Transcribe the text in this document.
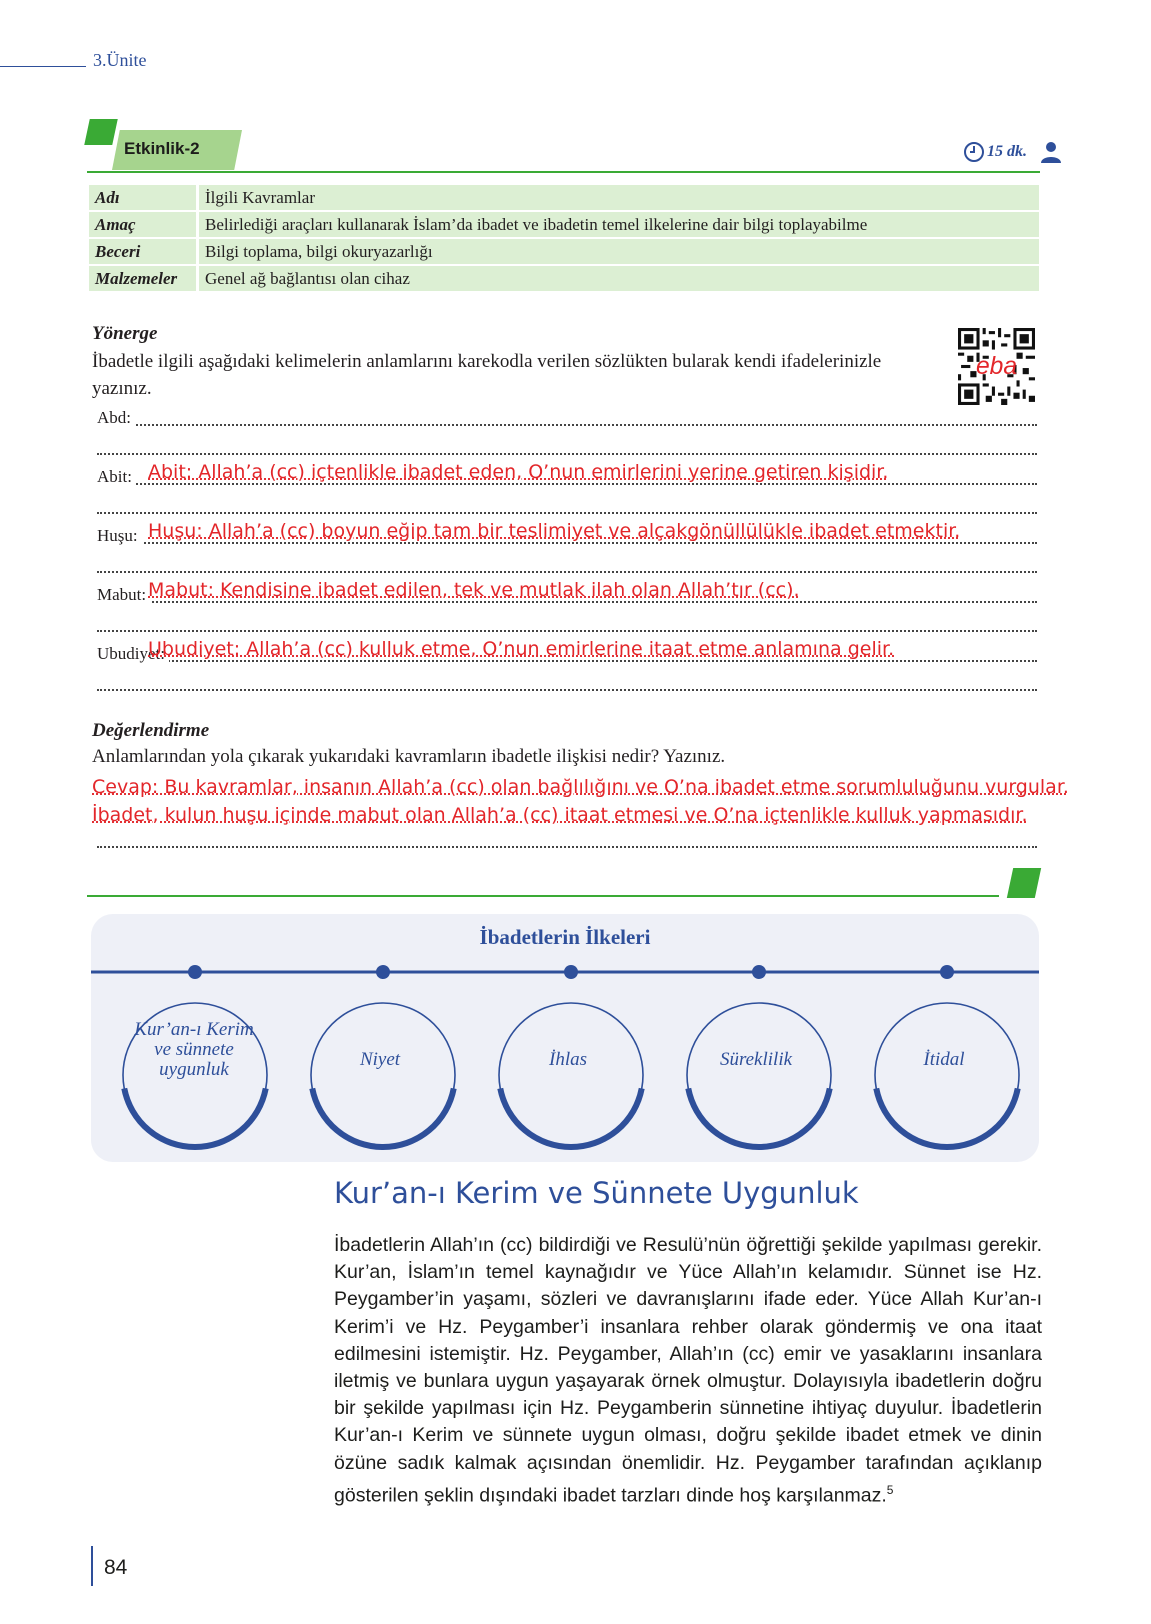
3.Ünite
Etkinlik-2	15 dk.
Adı	İlgili Kavramlar
Amaç	Belirlediği araçları kullanarak İslam’da ibadet ve ibadetin temel ilkelerine dair bilgi toplayabilme
Beceri	Bilgi toplama, bilgi okuryazarlığı
Malzemeler	Genel ağ bağlantısı olan cihaz
Yönerge
İbadetle ilgili aşağıdaki kelimelerin anlamlarını karekodla verilen sözlükten bularak kendi ifadelerinizle yazınız.
eba
Abd:
Abit: Abit: Allah’a (cc) içtenlikle ibadet eden, O’nun emirlerini yerine getiren kişidir.
Huşu: Huşu: Allah’a (cc) boyun eğip tam bir teslimiyet ve alçakgönüllülükle ibadet etmektir.
Mabut: Mabut: Kendisine ibadet edilen, tek ve mutlak ilah olan Allah’tır (cc).
Ubudiyet:
Ubudiyet: Allah’a (cc) kulluk etme, O’nun emirlerine itaat etme anlamına gelir.
Değerlendirme
Anlamlarından yola çıkarak yukarıdaki kavramların ibadetle ilişkisi nedir? Yazınız.
Cevap: Bu kavramlar, insanın Allah’a (cc) olan bağlılığını ve O’na ibadet etme sorumluluğunu vurgular.
İbadet, kulun huşu içinde mabut olan Allah’a (cc) itaat etmesi ve O’na içtenlikle kulluk yapmasıdır.
İbadetlerin İlkeleri
Kur’an-ı Kerim ve sünnete uygunluk	Niyet	İhlas	Süreklilik	İtidal
Kur’an-ı Kerim ve Sünnete Uygunluk
İbadetlerin Allah’ın (cc) bildirdiği ve Resulü’nün öğrettiği şekilde yapılması gerekir. Kur’an, İslam’ın temel kaynağıdır ve Yüce Allah’ın kelamıdır. Sünnet ise Hz. Peygamber’in yaşamı, sözleri ve davranışlarını ifade eder. Yüce Allah Kur’an-ı Kerim’i ve Hz. Peygamber’i insanlara rehber olarak göndermiş ve ona itaat edilmesini istemiştir. Hz. Peygamber, Allah’ın (cc) emir ve yasaklarını insanlara iletmiş ve bunlara uygun yaşayarak örnek olmuştur. Dolayısıyla ibadetlerin doğru bir şekilde yapılması için Hz. Peygamberin sünnetine ihtiyaç duyulur. İbadetlerin Kur’an-ı Kerim ve sünnete uygun olması, doğru şekilde ibadet etmek ve dinin özüne sadık kalmak açısından önemlidir. Hz. Peygamber tarafından açıklanıp gösterilen şeklin dışındaki ibadet tarzları dinde hoş karşılanmaz.$^5$
84
